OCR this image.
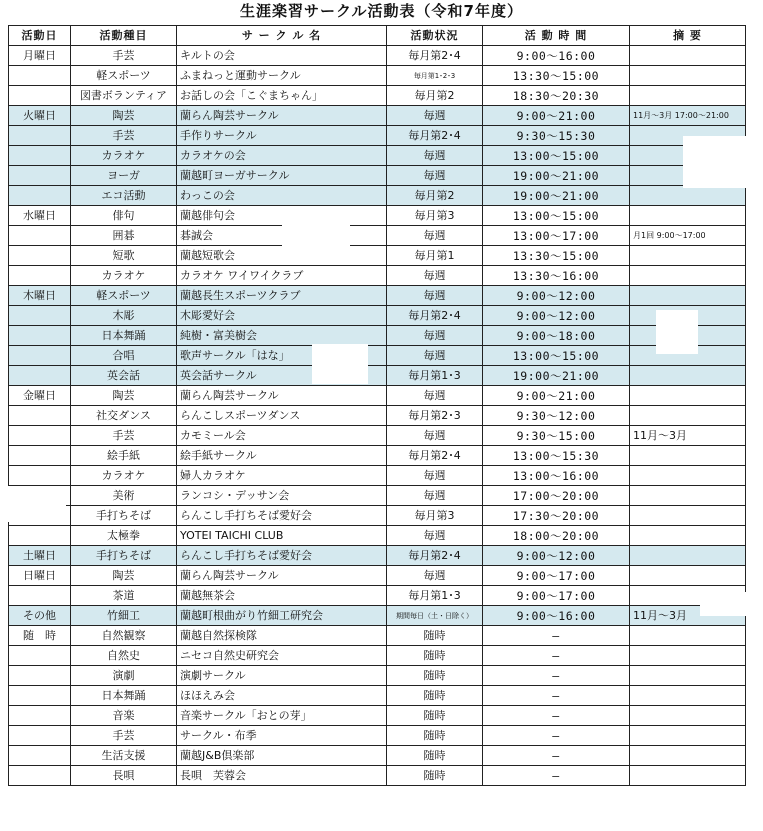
生涯楽習サークル活動表（令和7年度）
活動日	活動種目	サ ー ク ル 名	活動状況	活 動 時 間	摘 要
月曜日	手芸	キルトの会	毎月第2･4	9:00～16:00	
	軽スポーツ	ふまねっと運動サークル	毎月第1･2･3	13:30～15:00	
	図書ボランティア	お話しの会「こぐまちゃん」	毎月第2	18:30～20:30	
火曜日	陶芸	蘭らん陶芸サークル	毎週	9:00～21:00	11月～3月 17:00～21:00

	手芸	手作りサークル	毎月第2･4	9:30～15:30	
	カラオケ	カラオケの会	毎週	13:00～15:00	
	ヨーガ	蘭越町ヨーガサークル	毎週	19:00～21:00	
	エコ活動	わっこの会	毎月第2	19:00～21:00	
水曜日	俳句	蘭越俳句会	毎月第3	13:00～15:00	
	囲碁	碁誠会	毎週	13:00～17:00	月1回 9:00～17:00

	短歌	蘭越短歌会	毎月第1	13:30～15:00	
	カラオケ	カラオケ ワイワイクラブ	毎週	13:30～16:00	
木曜日	軽スポーツ	蘭越長生スポーツクラブ	毎週	9:00～12:00	
	木彫	木彫愛好会	毎月第2･4	9:00～12:00	
	日本舞踊	純樹・富美樹会	毎週	9:00～18:00	
	合唱	歌声サークル「はな」	毎週	13:00～15:00	
	英会話	英会話サークル	毎月第1･3	19:00～21:00	
金曜日	陶芸	蘭らん陶芸サークル	毎週	9:00～21:00	
	社交ダンス	らんこしスポーツダンス	毎月第2･3	9:30～12:00	
	手芸	カモミール会	毎週	9:30～15:00	11月～3月
	絵手紙	絵手紙サークル	毎月第2･4	13:00～15:30	
	カラオケ	婦人カラオケ	毎週	13:00～16:00	
	美術	ランコシ・デッサン会	毎週	17:00～20:00	
	手打ちそば	らんこし手打ちそば愛好会	毎月第3	17:30～20:00	
	太極拳	YOTEI TAICHI CLUB	毎週	18:00～20:00	
土曜日	手打ちそば	らんこし手打ちそば愛好会	毎月第2･4	9:00～12:00	
日曜日	陶芸	蘭らん陶芸サークル	毎週	9:00～17:00	
	茶道	蘭越無茶会	毎月第1･3	9:00～17:00	
その他	竹細工	蘭越町根曲がり竹細工研究会	期間毎日（土・日除く）	9:00～16:00	11月～3月
随　時	自然観察	蘭越自然探検隊	随時	—	
	自然史	ニセコ自然史研究会	随時	—	
	演劇	演劇サークル	随時	—	
	日本舞踊	ほほえみ会	随時	—	
	音楽	音楽サークル「おとの芽」	随時	—	
	手芸	サークル・布季	随時	—	
	生活支援	蘭越J&B倶楽部	随時	—	
	長唄	長唄　芙蓉会	随時	—	
